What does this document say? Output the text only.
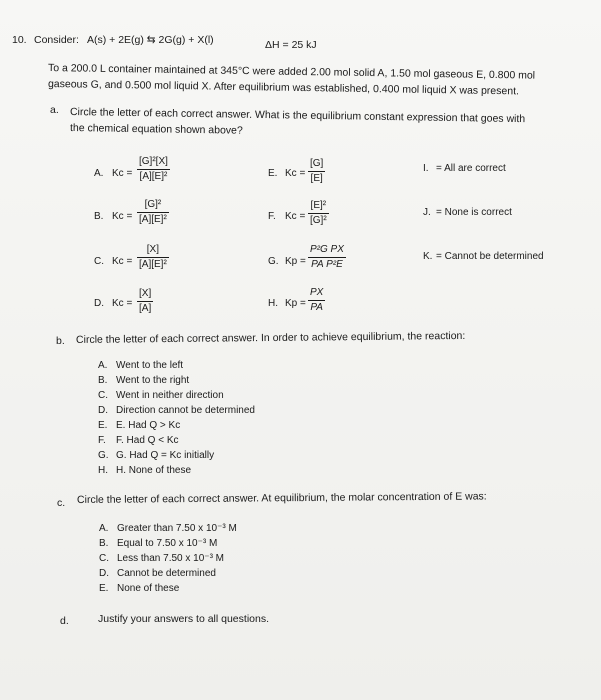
10. Consider: A(s) + 2E(g) ⇆ 2G(g) + X(l)	ΔH = 25 kJ
To a 200.0 L container maintained at 345°C were added 2.00 mol solid A, 1.50 mol gaseous E, 0.800 mol
gaseous G, and 0.500 mol liquid X. After equilibrium was established, 0.400 mol liquid X was present.
a. Circle the letter of each correct answer. What is the equilibrium constant expression that goes with
the chemical equation shown above?
A. Kc =
[G]²[X]
[A][E]²
B. Kc =
[G]²
[A][E]²
C. Kc =
[X]
[A][E]²
D. Kc =
[X]
[A]
E. Kc =
[G]
[E]
F. Kc =
[E]²
[G]²
G. Kp =
P²G PX
PA P²E
H. Kp =
PX
PA
I. = All are correct
J. = None is correct
K. = Cannot be determined
b. Circle the letter of each correct answer. In order to achieve equilibrium, the reaction:
A. Went to the left
B. Went to the right
C. Went in neither direction
D. Direction cannot be determined
E. E. Had Q > Kc
F. F. Had Q < Kc
G. G. Had Q = Kc initially
H. H. None of these
c. Circle the letter of each correct answer. At equilibrium, the molar concentration of E was:
A. Greater than 7.50 x 10⁻³ M
B. Equal to 7.50 x 10⁻³ M
C. Less than 7.50 x 10⁻³ M
D. Cannot be determined
E. None of these
d.	Justify your answers to all questions.
